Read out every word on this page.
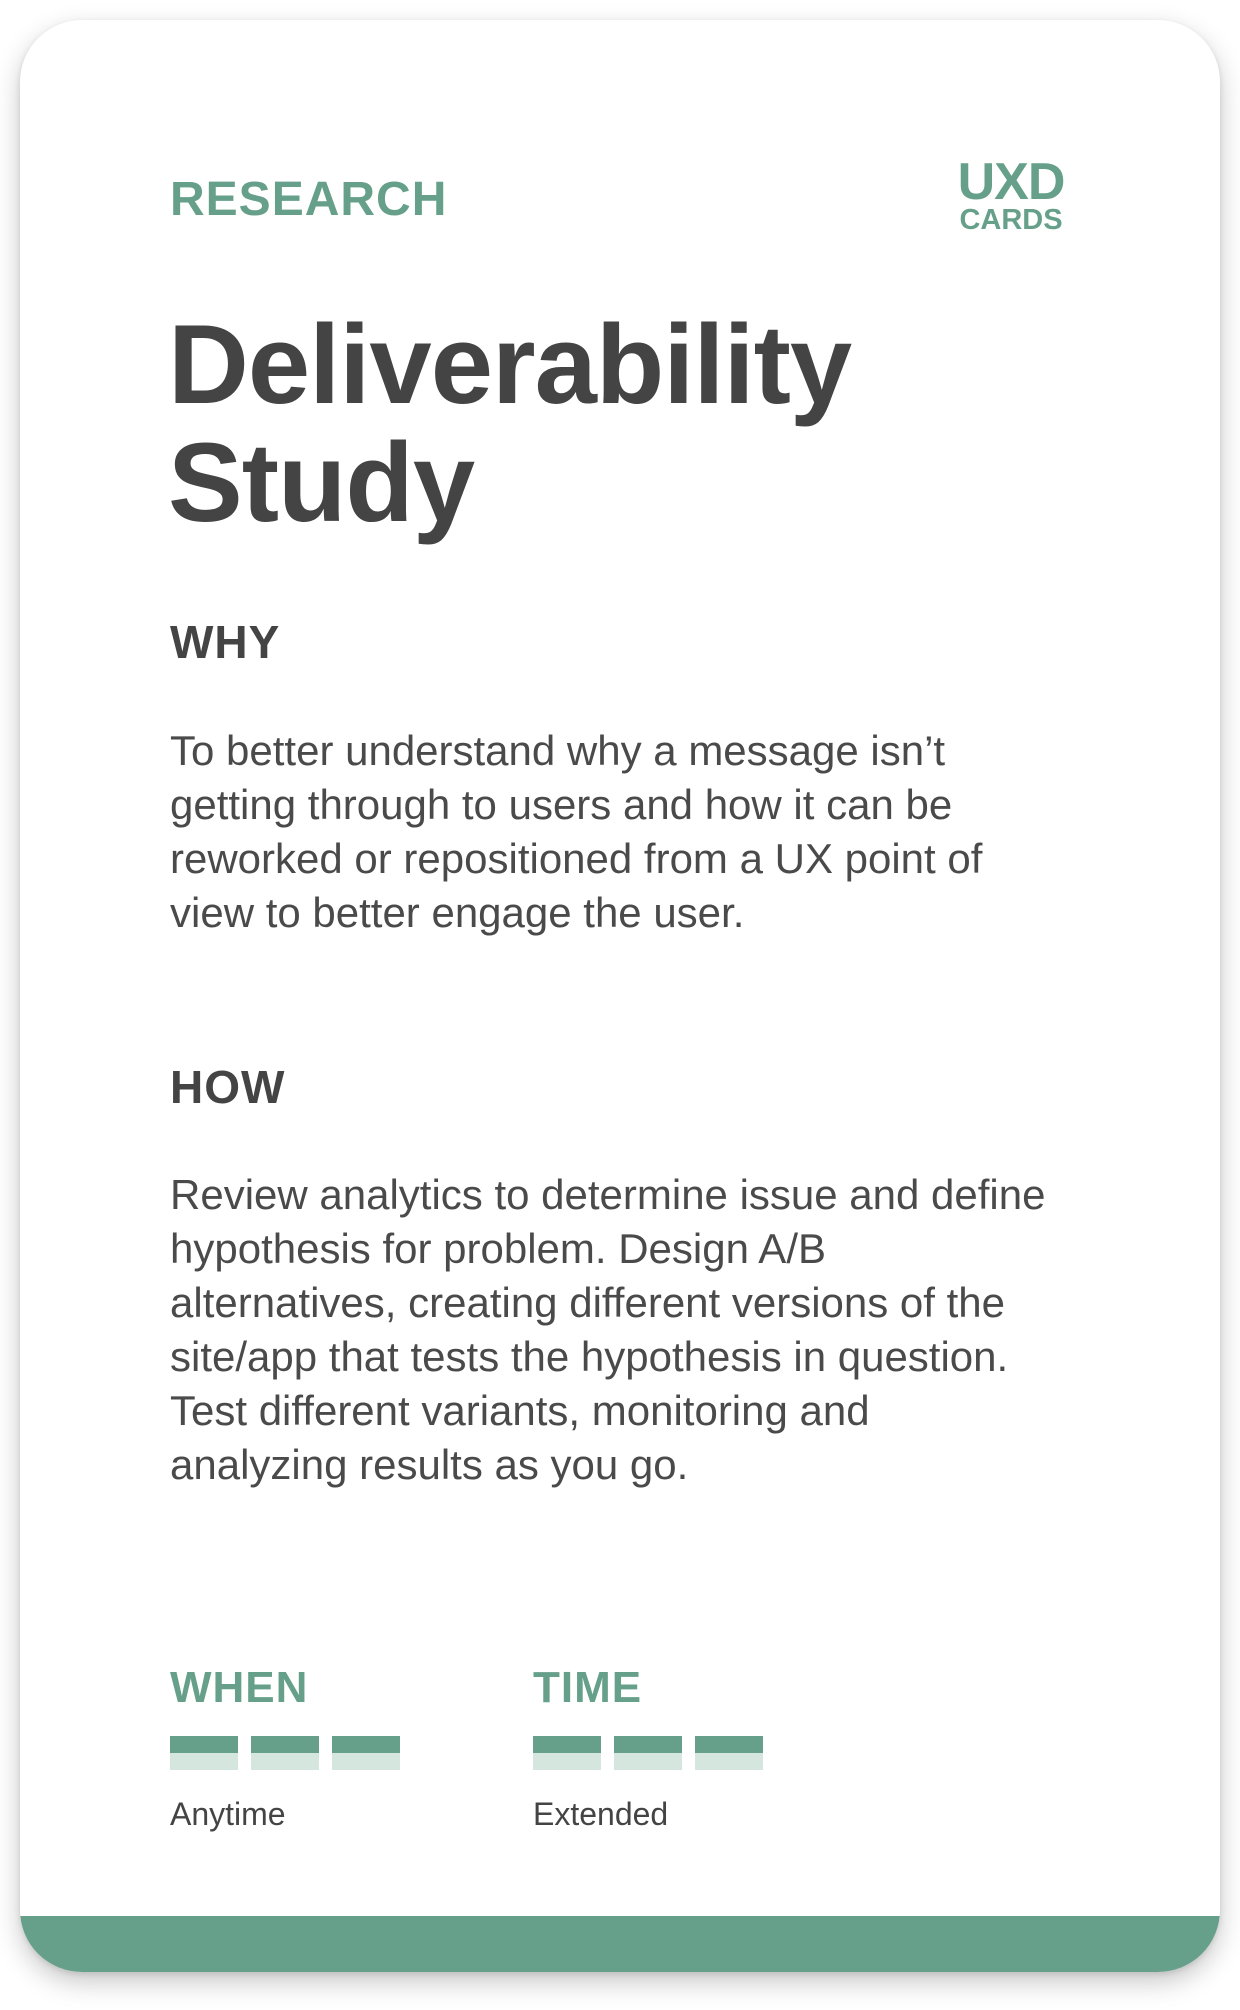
RESEARCH	UXD
CARDS
Deliverability Study
WHY

To better understand why a message isn’t getting through to users and how it can be reworked or repositioned from a UX point of view to better engage the user.

HOW

Review analytics to determine issue and define hypothesis for problem. Design A/B alternatives, creating different versions of the site/app that tests the hypothesis in question. Test different variants, monitoring and analyzing results as you go.

WHEN

Anytime

TIME

Extended
